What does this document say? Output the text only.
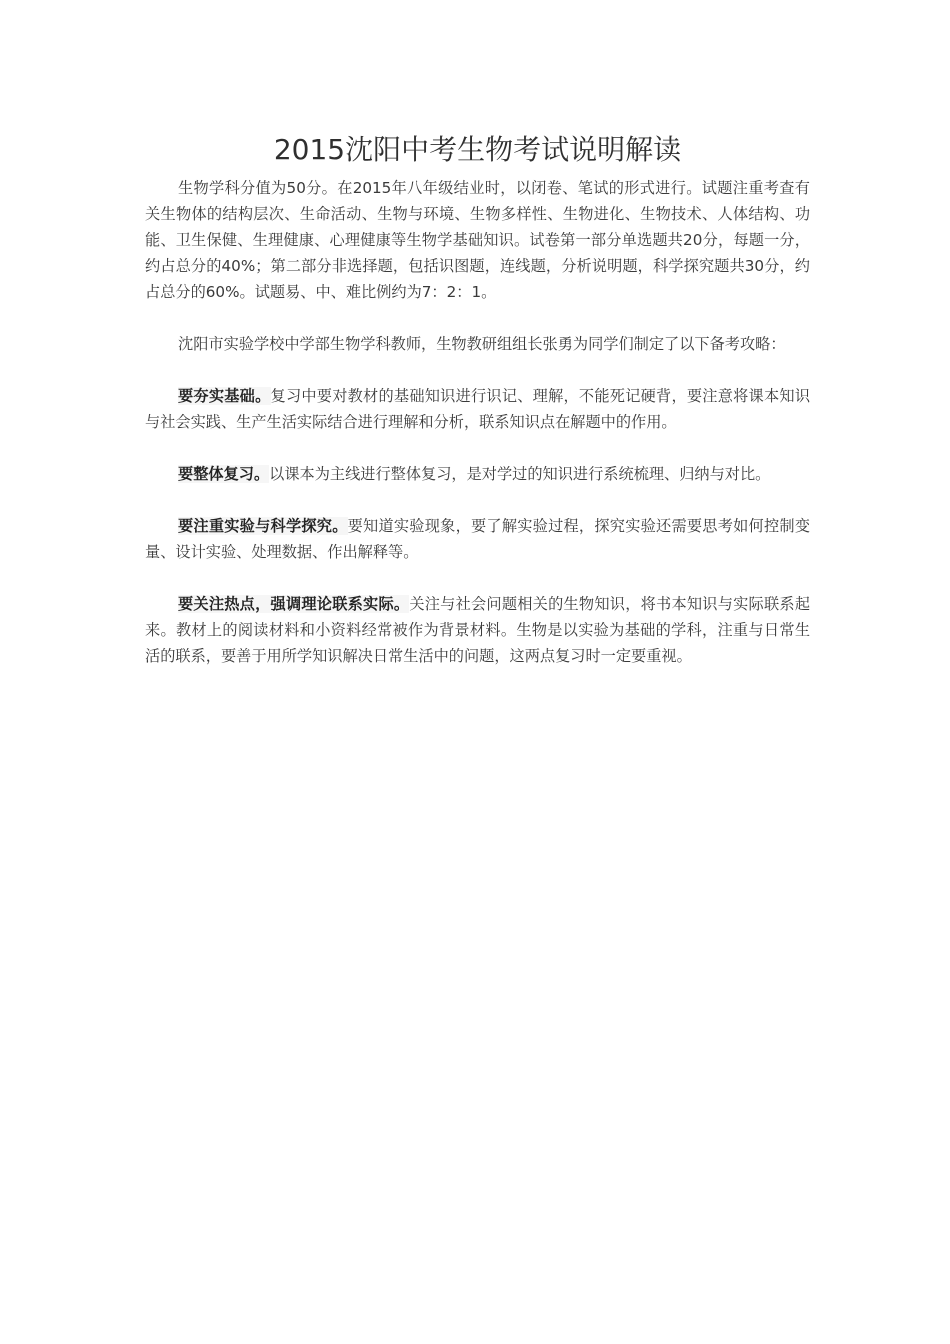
2015沈阳中考生物考试说明解读

生物学科分值为50分。在2015年八年级结业时，以闭卷、笔试的形式进行。试题注重考查有关生物体的结构层次、生命活动、生物与环境、生物多样性、生物进化、生物技术、人体结构、功能、卫生保健、生理健康、心理健康等生物学基础知识。试卷第一部分单选题共20分，每题一分，约占总分的40%；第二部分非选择题，包括识图题，连线题，分析说明题，科学探究题共30分，约占总分的60%。试题易、中、难比例约为7：2：1。

沈阳市实验学校中学部生物学科教师，生物教研组组长张勇为同学们制定了以下备考攻略：

要夯实基础。复习中要对教材的基础知识进行识记、理解，不能死记硬背，要注意将课本知识与社会实践、生产生活实际结合进行理解和分析，联系知识点在解题中的作用。

要整体复习。以课本为主线进行整体复习，是对学过的知识进行系统梳理、归纳与对比。

要注重实验与科学探究。要知道实验现象，要了解实验过程，探究实验还需要思考如何控制变量、设计实验、处理数据、作出解释等。

要关注热点，强调理论联系实际。关注与社会问题相关的生物知识，将书本知识与实际联系起来。教材上的阅读材料和小资料经常被作为背景材料。生物是以实验为基础的学科，注重与日常生活的联系，要善于用所学知识解决日常生活中的问题，这两点复习时一定要重视。
